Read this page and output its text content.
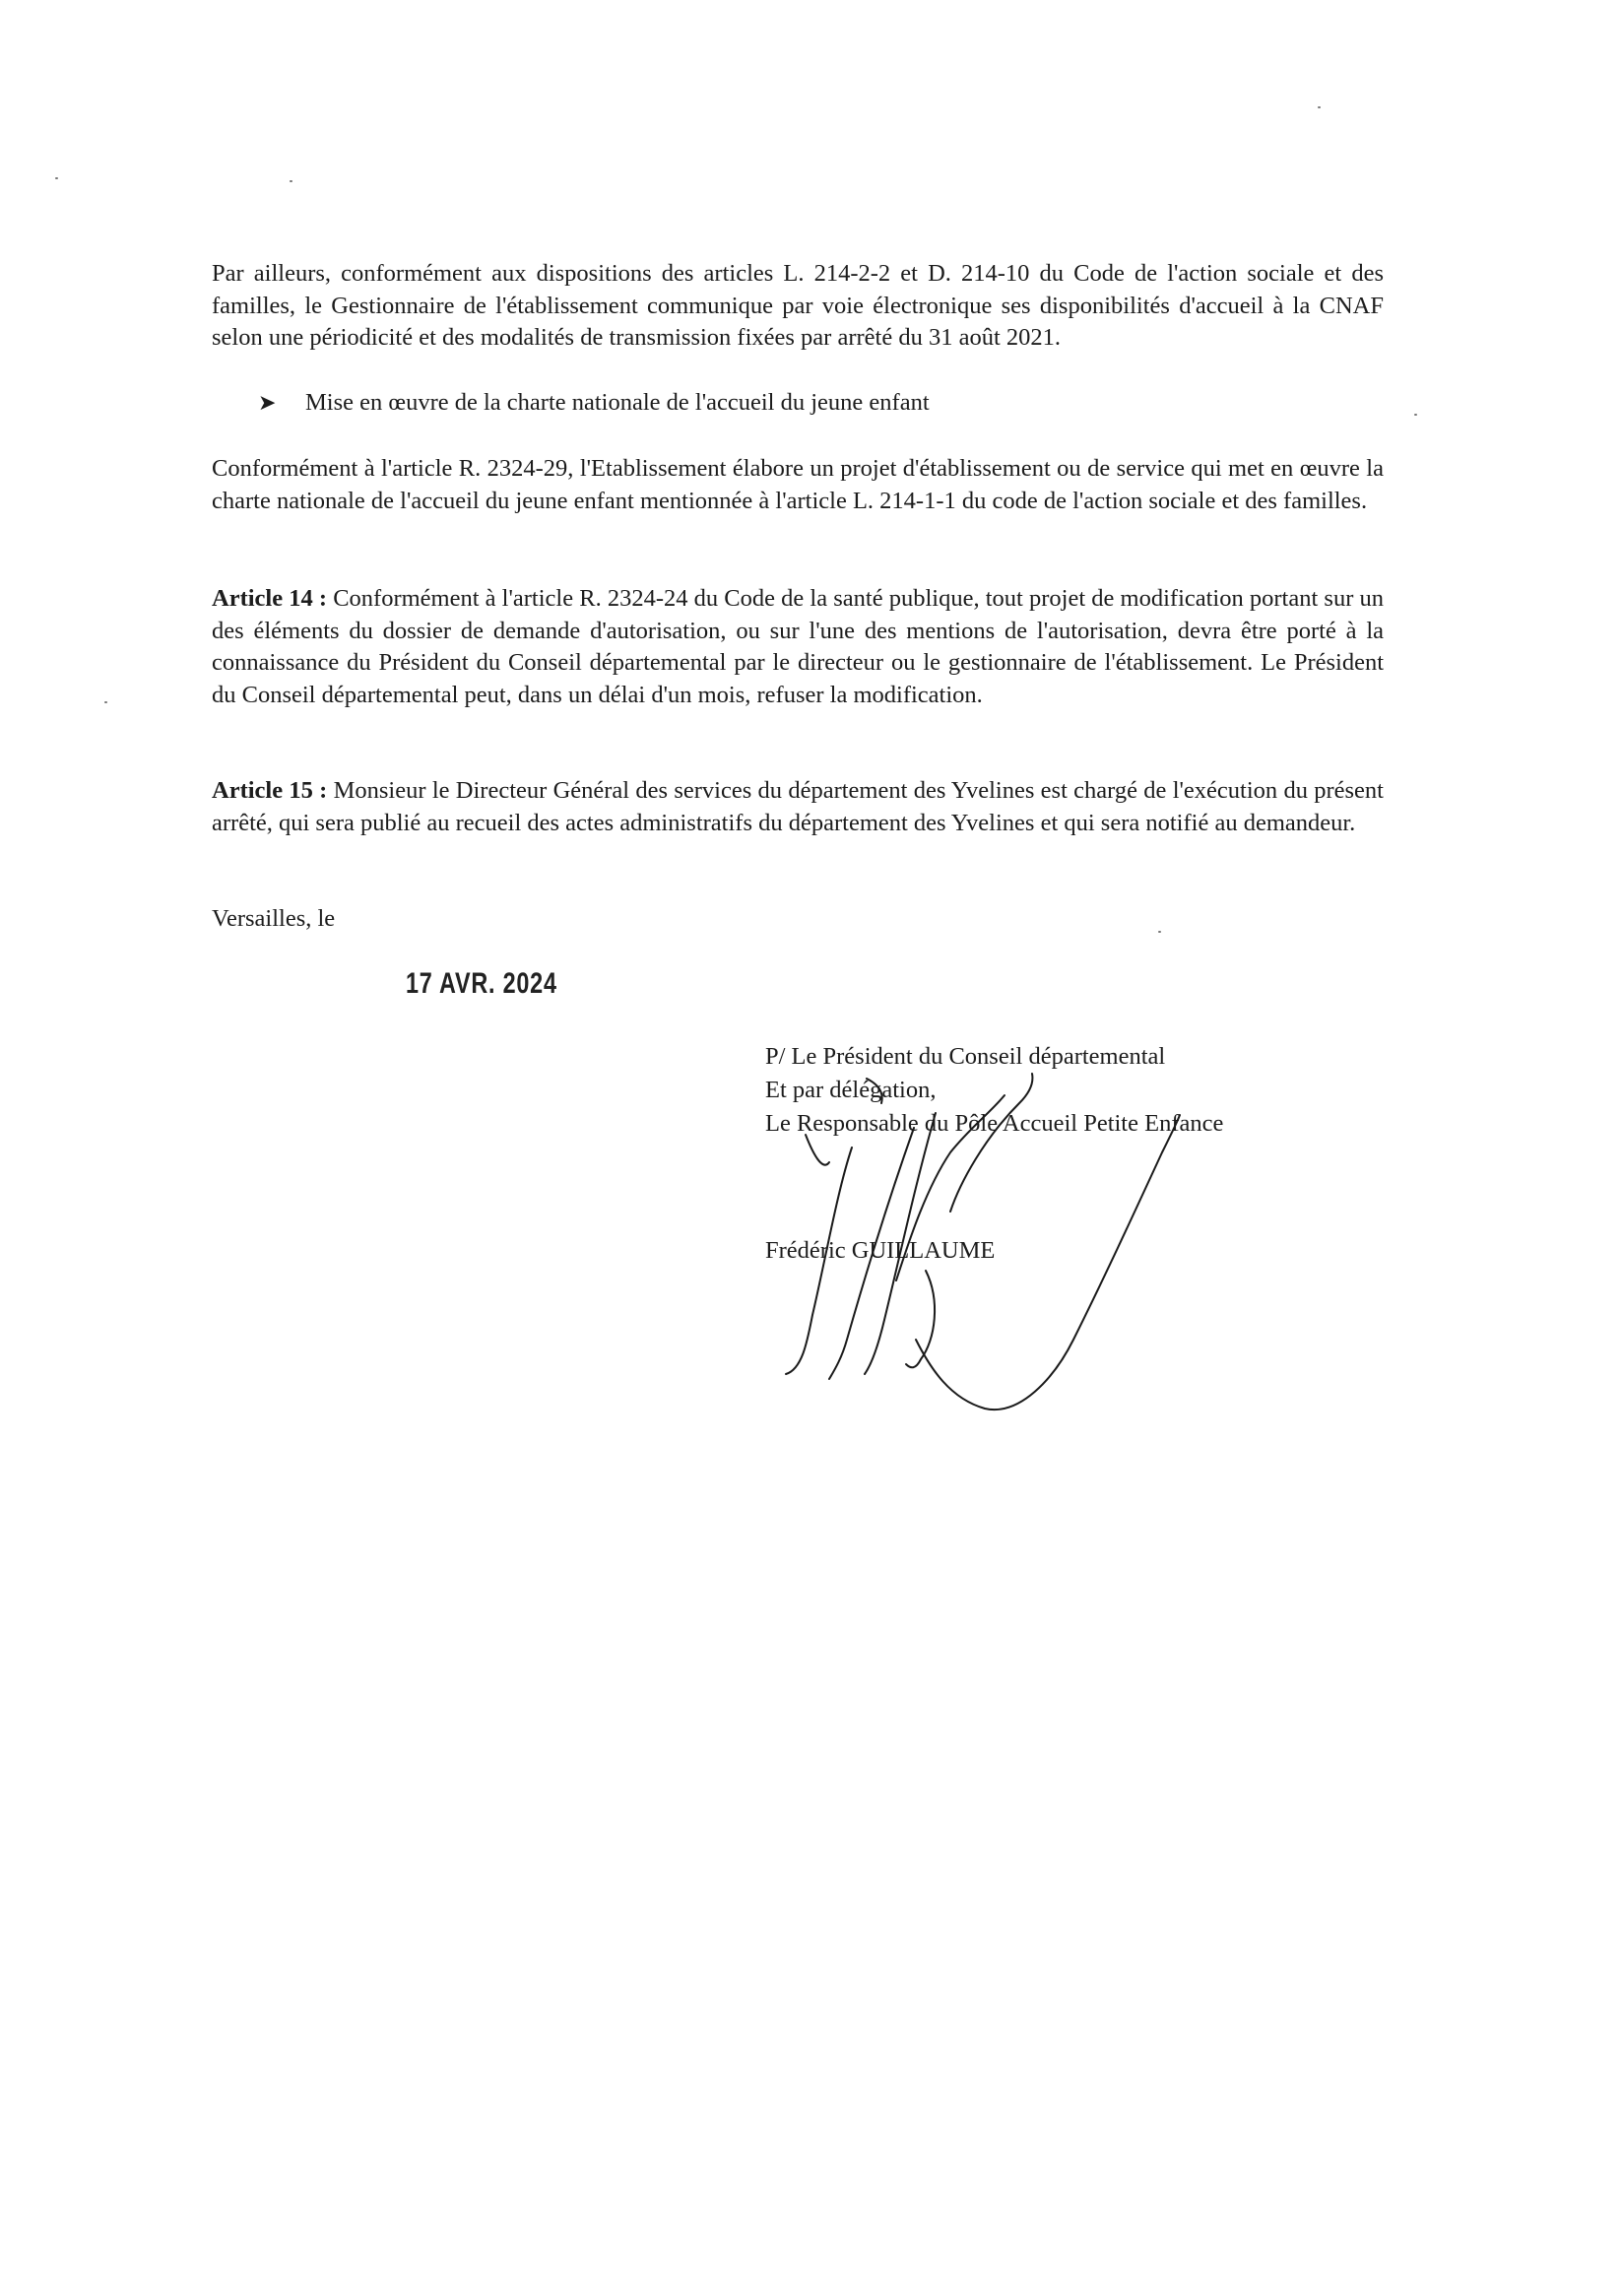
Par ailleurs, conformément aux dispositions des articles L. 214-2-2 et D. 214-10 du Code de l'action sociale et des familles, le Gestionnaire de l'établissement communique par voie électronique ses disponibilités d'accueil à la CNAF selon une périodicité et des modalités de transmission fixées par arrêté du 31 août 2021.

➤ Mise en œuvre de la charte nationale de l'accueil du jeune enfant

Conformément à l'article R. 2324-29, l'Etablissement élabore un projet d'établissement ou de service qui met en œuvre la charte nationale de l'accueil du jeune enfant mentionnée à l'article L. 214-1-1 du code de l'action sociale et des familles.

Article 14 : Conformément à l'article R. 2324-24 du Code de la santé publique, tout projet de modification portant sur un des éléments du dossier de demande d'autorisation, ou sur l'une des mentions de l'autorisation, devra être porté à la connaissance du Président du Conseil départemental par le directeur ou le gestionnaire de l'établissement. Le Président du Conseil départemental peut, dans un délai d'un mois, refuser la modification.

Article 15 : Monsieur le Directeur Général des services du département des Yvelines est chargé de l'exécution du présent arrêté, qui sera publié au recueil des actes administratifs du département des Yvelines et qui sera notifié au demandeur.

Versailles, le
17 AVR. 2024
P/ Le Président du Conseil départemental
Et par délégation,
Le Responsable du Pôle Accueil Petite Enfance
Frédéric GUILLAUME
